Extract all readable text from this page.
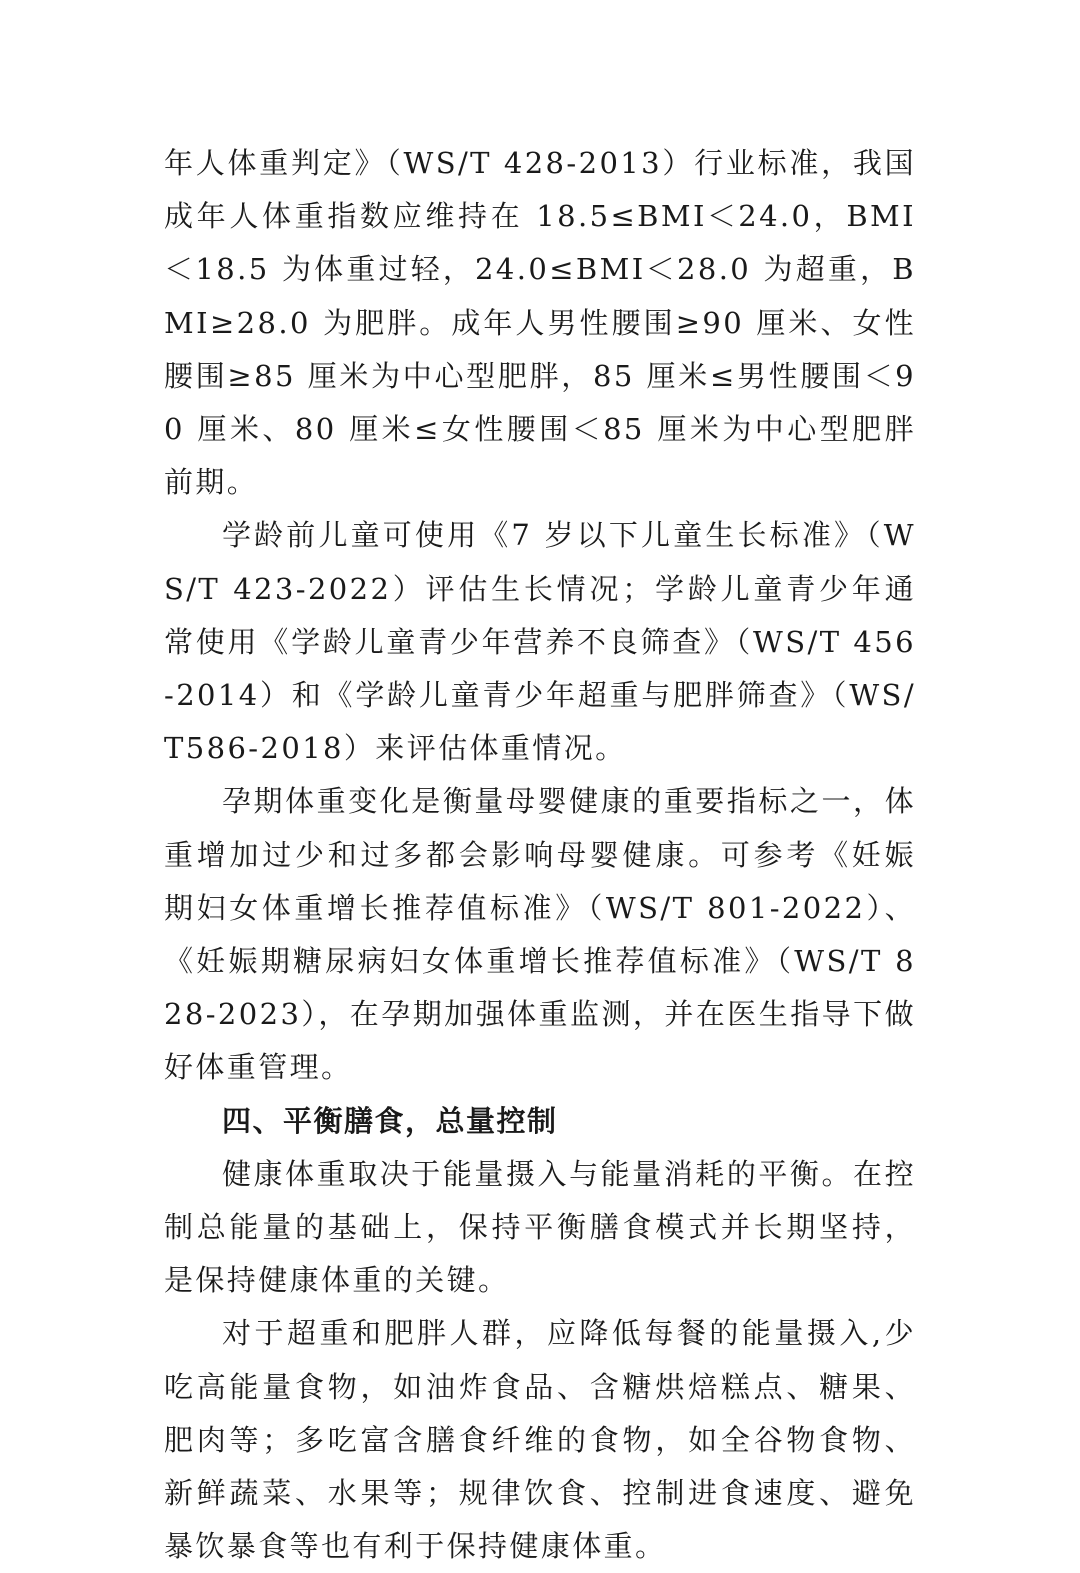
年人体重判定》（WS/T 428-2013）行业标准，我国成年人体重指数应维持在 18.5≤BMI＜24.0，BMI＜18.5 为体重过轻，24.0≤BMI＜28.0 为超重，BMI≥28.0 为肥胖。成年人男性腰围≥90 厘米、女性腰围≥85 厘米为中心型肥胖，85 厘米≤男性腰围＜90 厘米、80 厘米≤女性腰围＜85 厘米为中心型肥胖前期。

学龄前儿童可使用《7 岁以下儿童生长标准》（WS/T 423-2022）评估生长情况；学龄儿童青少年通常使用《学龄儿童青少年营养不良筛查》（WS/T 456-2014）和《学龄儿童青少年超重与肥胖筛查》（WS/T586-2018）来评估体重情况。

孕期体重变化是衡量母婴健康的重要指标之一，体重增加过少和过多都会影响母婴健康。可参考《妊娠期妇女体重增长推荐值标准》（WS/T 801-2022）、《妊娠期糖尿病妇女体重增长推荐值标准》（WS/T 828-2023），在孕期加强体重监测，并在医生指导下做好体重管理。

四、平衡膳食，总量控制

健康体重取决于能量摄入与能量消耗的平衡。在控制总能量的基础上，保持平衡膳食模式并长期坚持，是保持健康体重的关键。

对于超重和肥胖人群，应降低每餐的能量摄入,少吃高能量食物，如油炸食品、含糖烘焙糕点、糖果、肥肉等；多吃富含膳食纤维的食物，如全谷物食物、新鲜蔬菜、水果等；规律饮食、控制进食速度、避免暴饮暴食等也有利于保持健康体重。
